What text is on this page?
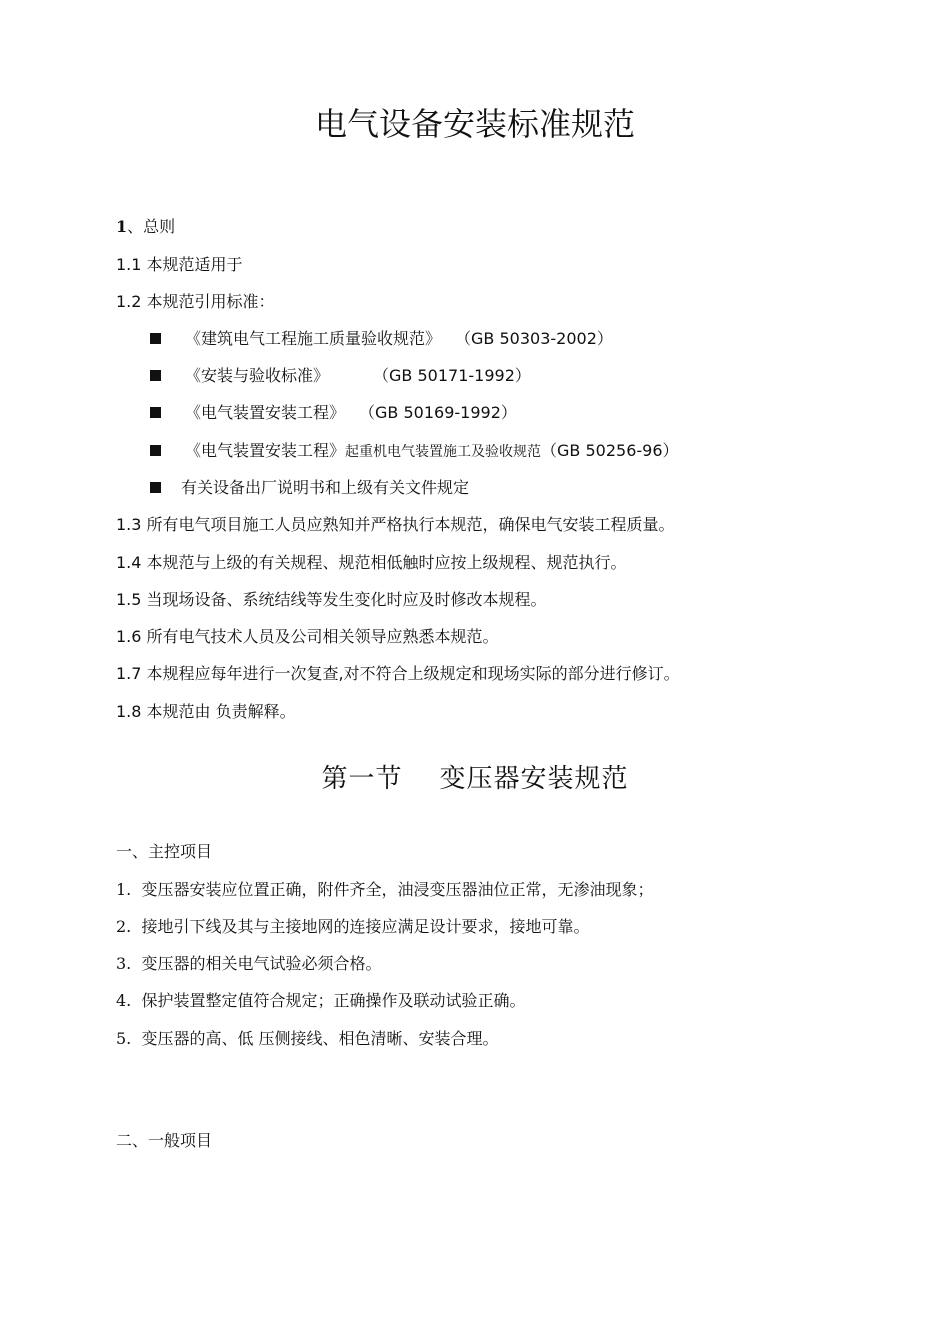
电气设备安装标准规范
1、总则
1.1 本规范适用于
1.2 本规范引用标准：
《建筑电气工程施工质量验收规范》 （GB 50303-2002）
《安装与验收标准》	（GB 50171-1992）
《电气装置安装工程》 （GB 50169-1992）
《电气装置安装工程》起重机电气装置施工及验收规范（GB 50256-96）
有关设备出厂说明书和上级有关文件规定
1.3 所有电气项目施工人员应熟知并严格执行本规范，确保电气安装工程质量。
1.4 本规范与上级的有关规程、规范相低触时应按上级规程、规范执行。
1.5 当现场设备、系统结线等发生变化时应及时修改本规程。
1.6 所有电气技术人员及公司相关领导应熟悉本规范。
1.7 本规程应每年进行一次复查,对不符合上级规定和现场实际的部分进行修订。
1.8 本规范由 负责解释。
第一节    变压器安装规范
一、主控项目
1.  变压器安装应位置正确，附件齐全，油浸变压器油位正常，无渗油现象；
2.  接地引下线及其与主接地网的连接应满足设计要求，接地可靠。
3.  变压器的相关电气试验必须合格。
4.  保护装置整定值符合规定；正确操作及联动试验正确。
5.  变压器的高、低 压侧接线、相色清晰、安装合理。
二、一般项目
